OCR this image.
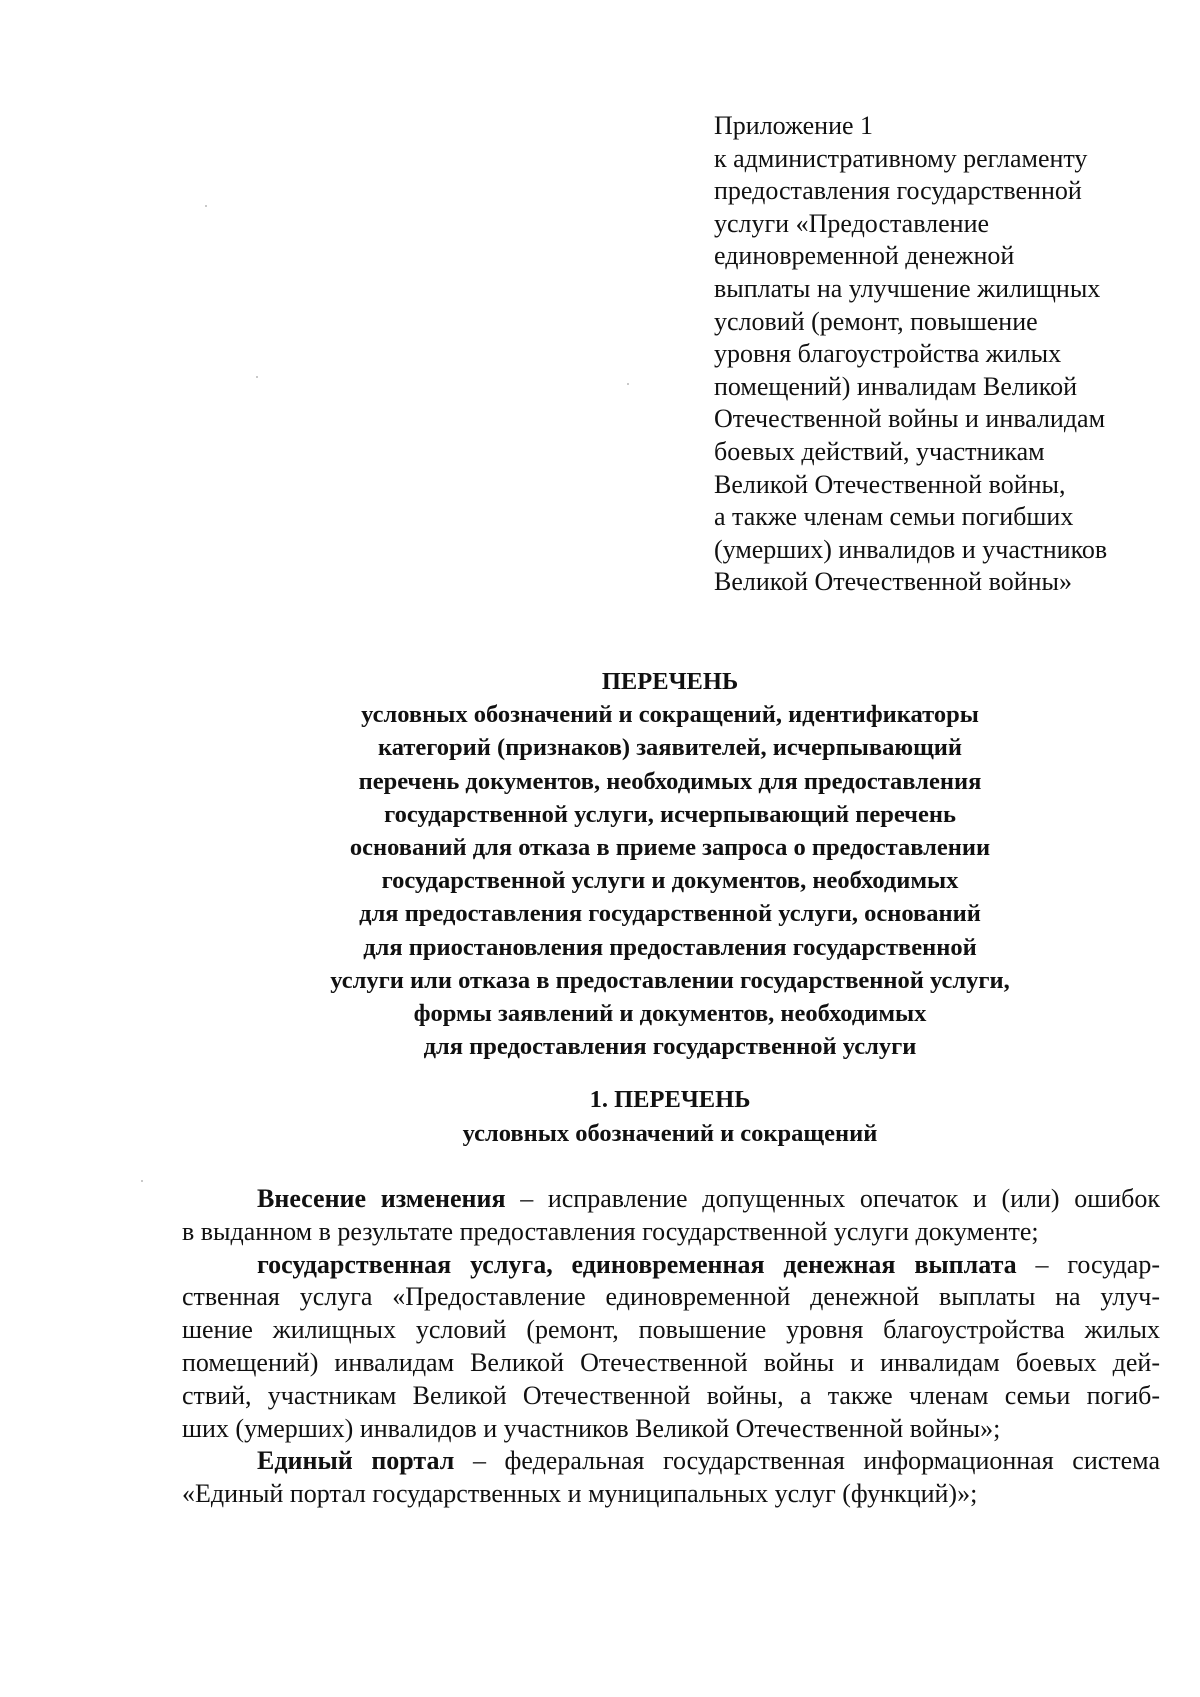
Приложение 1
к административному регламенту
предоставления государственной
услуги «Предоставление
единовременной денежной
выплаты на улучшение жилищных
условий (ремонт, повышение
уровня благоустройства жилых
помещений) инвалидам Великой
Отечественной войны и инвалидам
боевых действий, участникам
Великой Отечественной войны,
а также членам семьи погибших
(умерших) инвалидов и участников
Великой Отечественной войны»
ПЕРЕЧЕНЬ
условных обозначений и сокращений, идентификаторы
категорий (признаков) заявителей, исчерпывающий
перечень документов, необходимых для предоставления
государственной услуги, исчерпывающий перечень
оснований для отказа в приеме запроса о предоставлении
государственной услуги и документов, необходимых
для предоставления государственной услуги, оснований
для приостановления предоставления государственной
услуги или отказа в предоставлении государственной услуги,
формы заявлений и документов, необходимых
для предоставления государственной услуги
1. ПЕРЕЧЕНЬ
условных обозначений и сокращений
Внесение изменения – исправление допущенных опечаток и (или) ошибок
в выданном в результате предоставления государственной услуги документе;
государственная услуга, единовременная денежная выплата – государ-
ственная услуга «Предоставление единовременной денежной выплаты на улуч-
шение жилищных условий (ремонт, повышение уровня благоустройства жилых
помещений) инвалидам Великой Отечественной войны и инвалидам боевых дей-
ствий, участникам Великой Отечественной войны, а также членам семьи погиб-
ших (умерших) инвалидов и участников Великой Отечественной войны»;
Единый портал – федеральная государственная информационная система
«Единый портал государственных и муниципальных услуг (функций)»;
